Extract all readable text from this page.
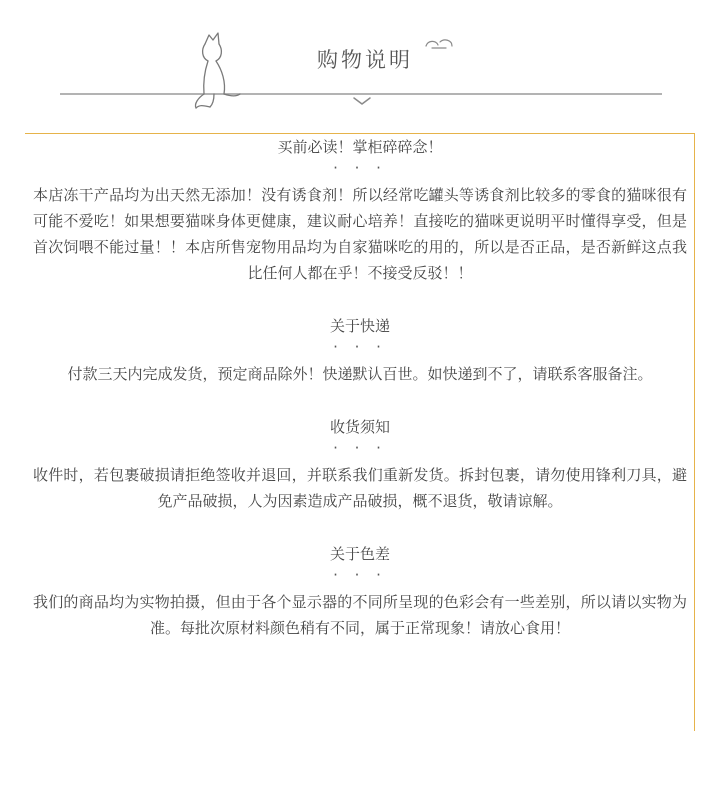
购物说明
买前必读！掌柜碎碎念！
· · ·

本店冻干产品均为出天然无添加！没有诱食剂！所以经常吃罐头等诱食剂比较多的零食的猫咪很有可能不爱吃！如果想要猫咪身体更健康，建议耐心培养！直接吃的猫咪更说明平时懂得享受，但是首次饲喂不能过量！！本店所售宠物用品均为自家猫咪吃的用的，所以是否正品，是否新鲜这点我比任何人都在乎！不接受反驳！！

关于快递
· · ·

付款三天内完成发货，预定商品除外！快递默认百世。如快递到不了，请联系客服备注。

收货须知
· · ·

收件时，若包裹破损请拒绝签收并退回，并联系我们重新发货。拆封包裹，请勿使用锋利刀具，避免产品破损，人为因素造成产品破损，概不退货，敬请谅解。

关于色差
· · ·

我们的商品均为实物拍摄，但由于各个显示器的不同所呈现的色彩会有一些差别，所以请以实物为准。每批次原材料颜色稍有不同，属于正常现象！请放心食用！
